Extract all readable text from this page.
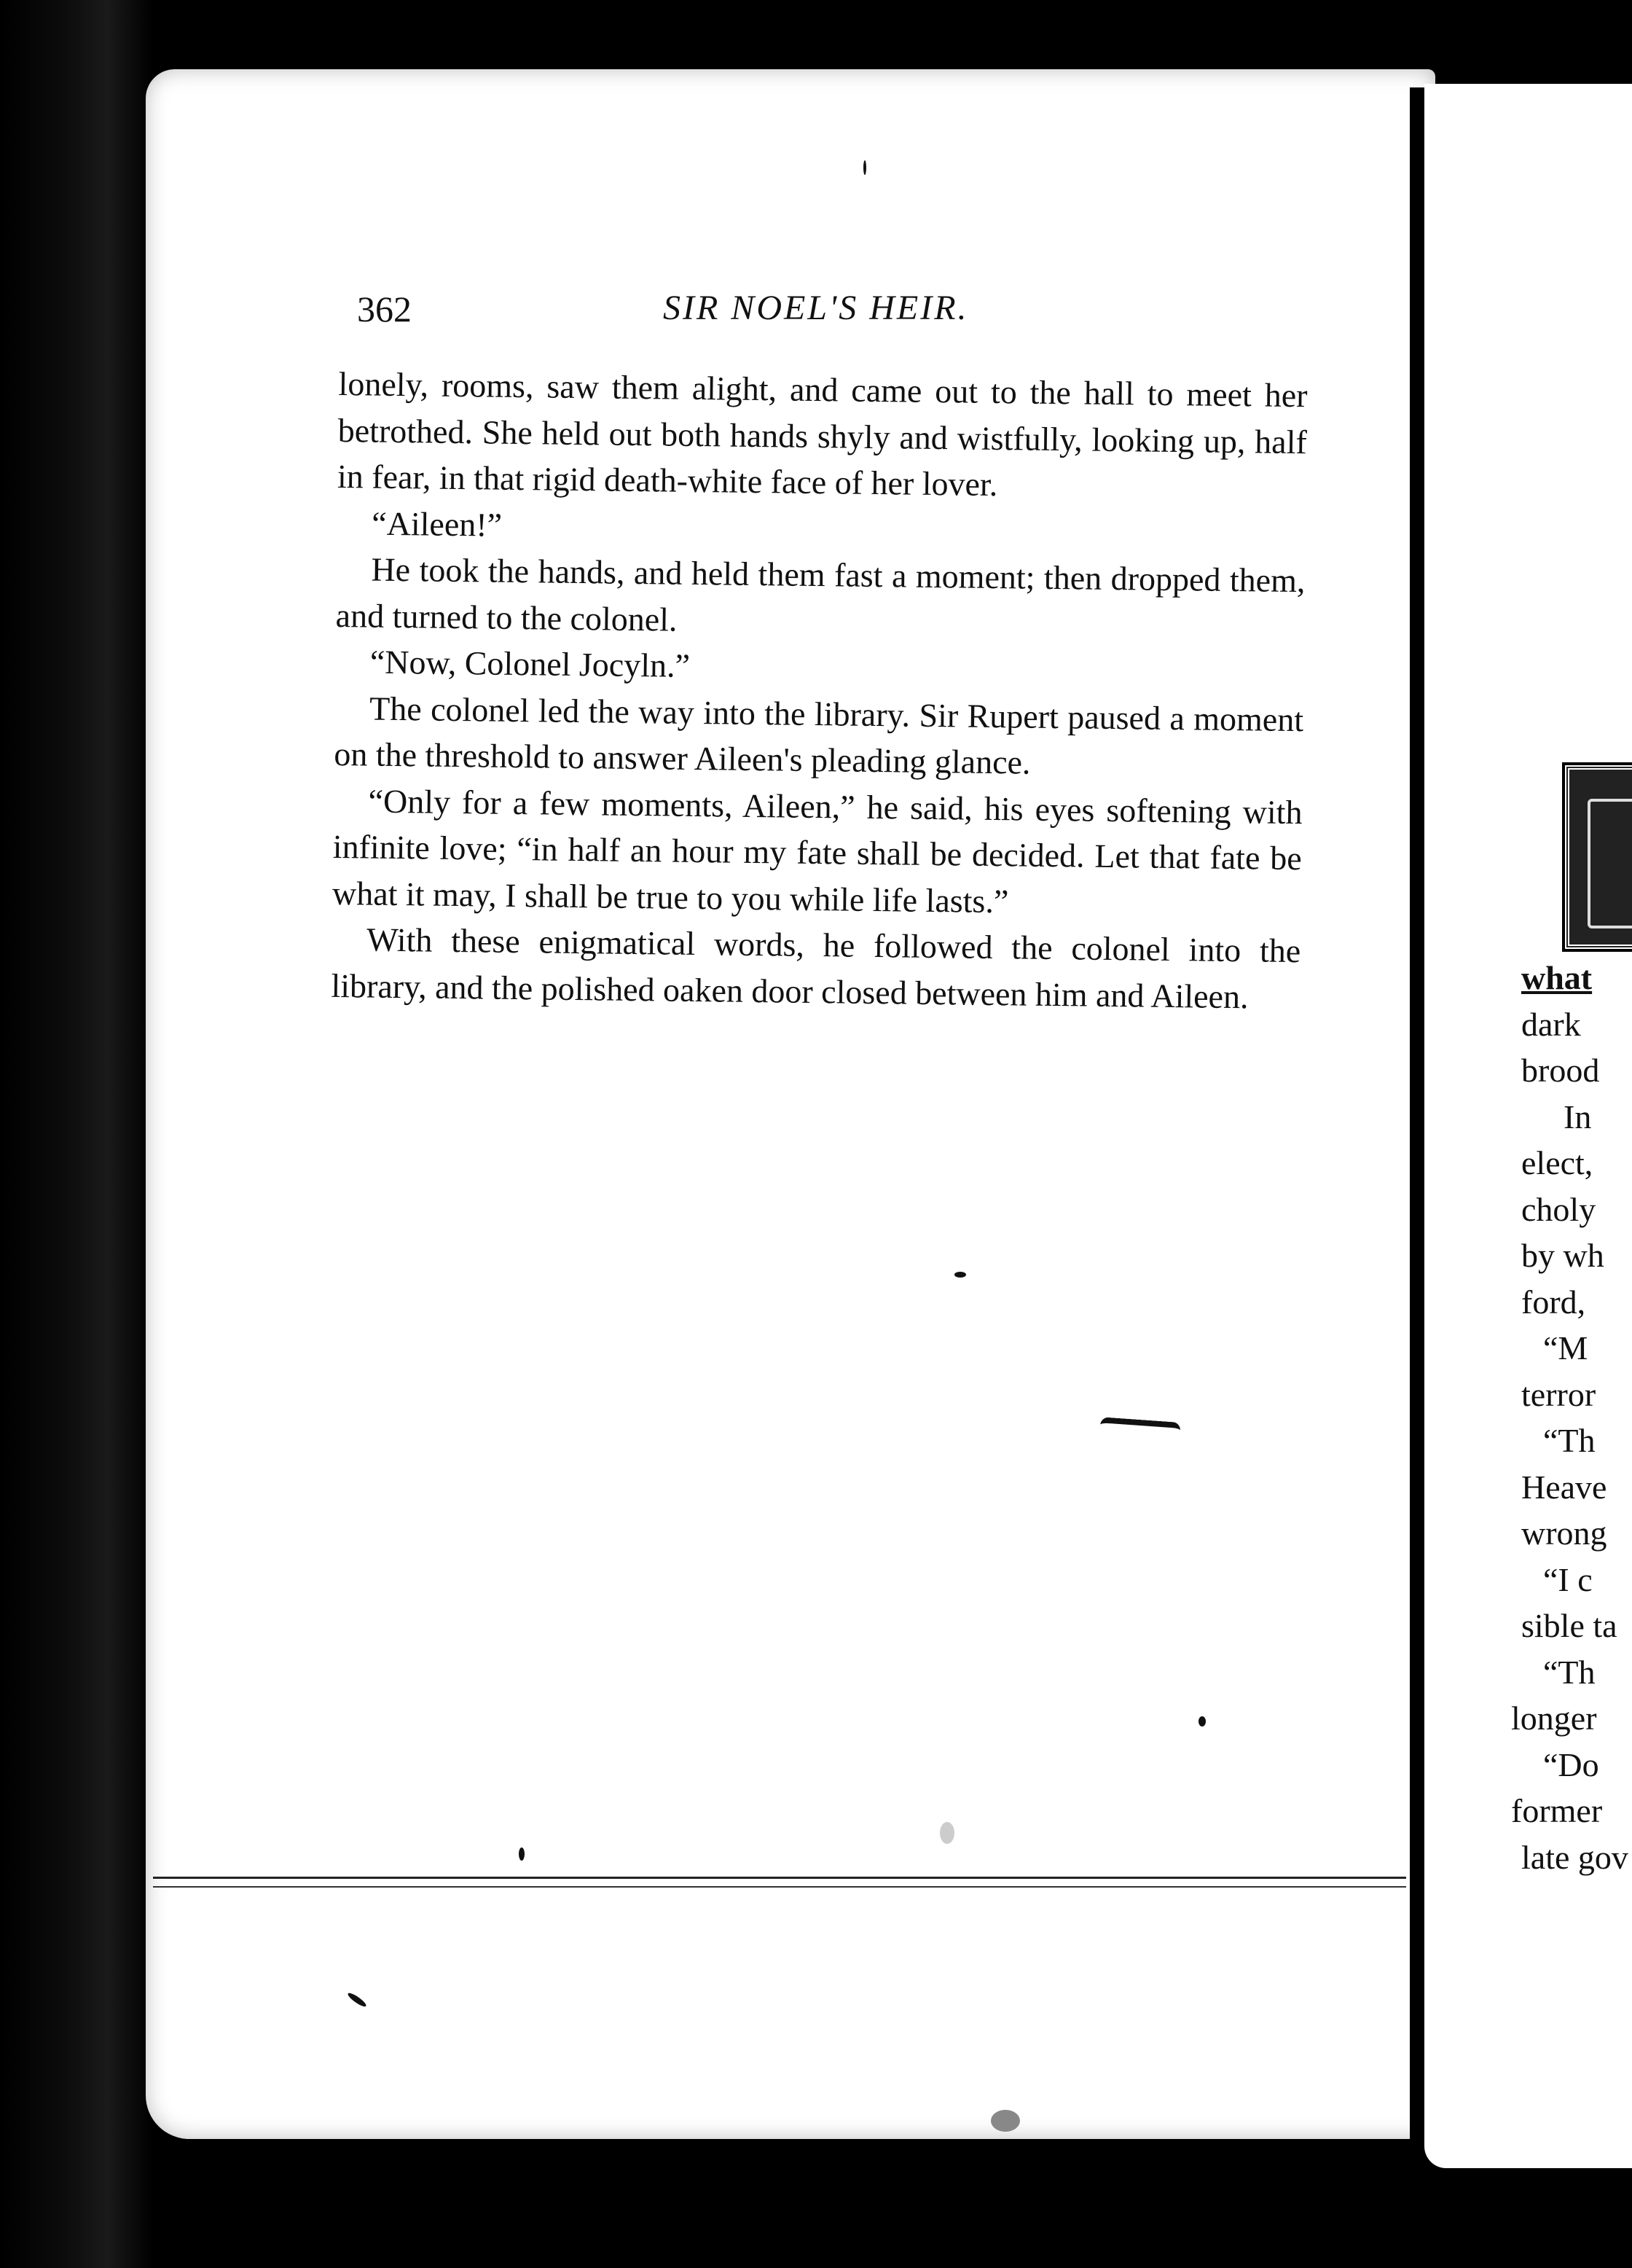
362	SIR NOEL'S HEIR.

lonely, rooms, saw them alight, and came out to the hall to meet her betrothed. She held out both hands shyly and wistfully, looking up, half in fear, in that rigid death-white face of her lover.

“Aileen!”

He took the hands, and held them fast a moment; then dropped them, and turned to the colonel.

“Now, Colonel Jocyln.”

The colonel led the way into the library. Sir Rupert paused a moment on the threshold to answer Aileen's pleading glance.

“Only for a few moments, Aileen,” he said, his eyes softening with infinite love; “in half an hour my fate shall be decided. Let that fate be what it may, I shall be true to you while life lasts.”

With these enigmatical words, he followed the colonel into the library, and the polished oaken door closed between him and Aileen.	what
dark
brood
In
elect,
choly
by wh
ford,
“M
terror
“Th
Heave
wrong
“I c
sible ta
“Th
longer
“Do
former
late gov
